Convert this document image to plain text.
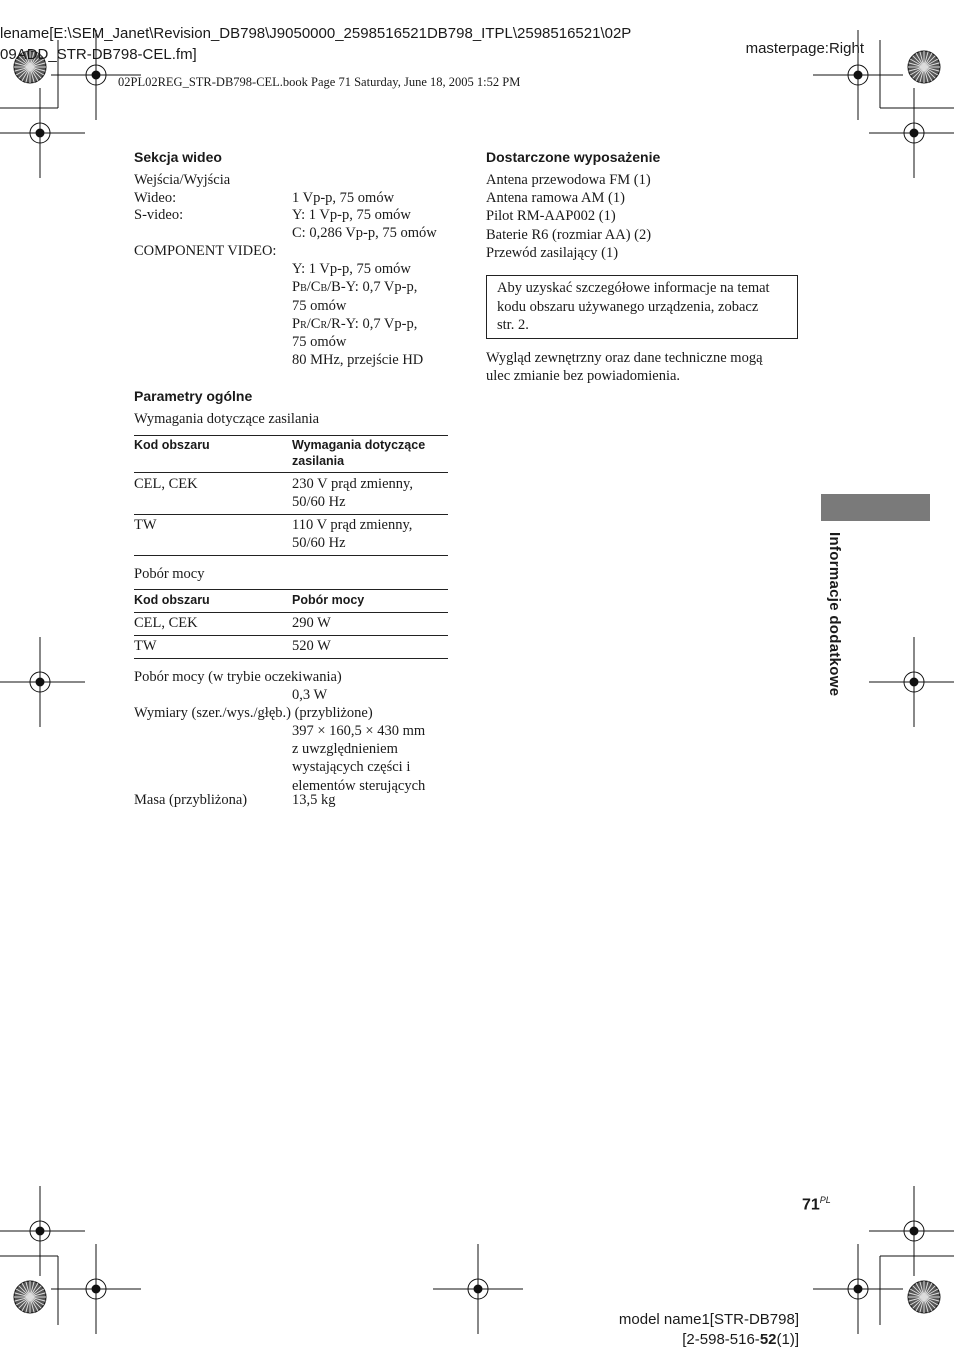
lename[E:\SEM_Janet\Revision_DB798\J9050000_2598516521DB798_ITPL\2598516521\02P
09ADD_STR-DB798-CEL.fm]	masterpage:Right
02PL02REG_STR-DB798-CEL.book Page 71 Saturday, June 18, 2005 1:52 PM
Sekcja wideo
Wejścia/Wyjścia
Wideo:	1 Vp-p, 75 omów
S-video:	Y: 1 Vp-p, 75 omów
C: 0,286 Vp-p, 75 omów
COMPONENT VIDEO:
Y: 1 Vp-p, 75 omów
PB/CB/B-Y: 0,7 Vp-p,
75 omów
PR/CR/R-Y: 0,7 Vp-p,
75 omów
80 MHz, przejście HD
Parametry ogólne
Wymagania dotyczące zasilania
Kod obszaru	Wymagania dotyczące
zasilania
CEL, CEK	230 V prąd zmienny,
50/60 Hz
TW	110 V prąd zmienny,
50/60 Hz
Pobór mocy
Kod obszaru	Pobór mocy
CEL, CEK	290 W
TW	520 W
Pobór mocy (w trybie oczekiwania)
0,3 W
Wymiary (szer./wys./głęb.) (przybliżone)
397 × 160,5 × 430 mm
z uwzględnieniem
wystających części i
elementów sterujących
Masa (przybliżona)	13,5 kg
Dostarczone wyposażenie
Antena przewodowa FM (1)
Antena ramowa AM (1)
Pilot RM-AAP002 (1)
Baterie R6 (rozmiar AA) (2)
Przewód zasilający (1)
Aby uzyskać szczegółowe informacje na temat
kodu obszaru używanego urządzenia, zobacz
str. 2.
Wygląd zewnętrzny oraz dane techniczne mogą
ulec zmianie bez powiadomienia.
Informacje dodatkowe
$71^{PL}$
model name1[STR-DB798]
[2-598-516-52(1)]
